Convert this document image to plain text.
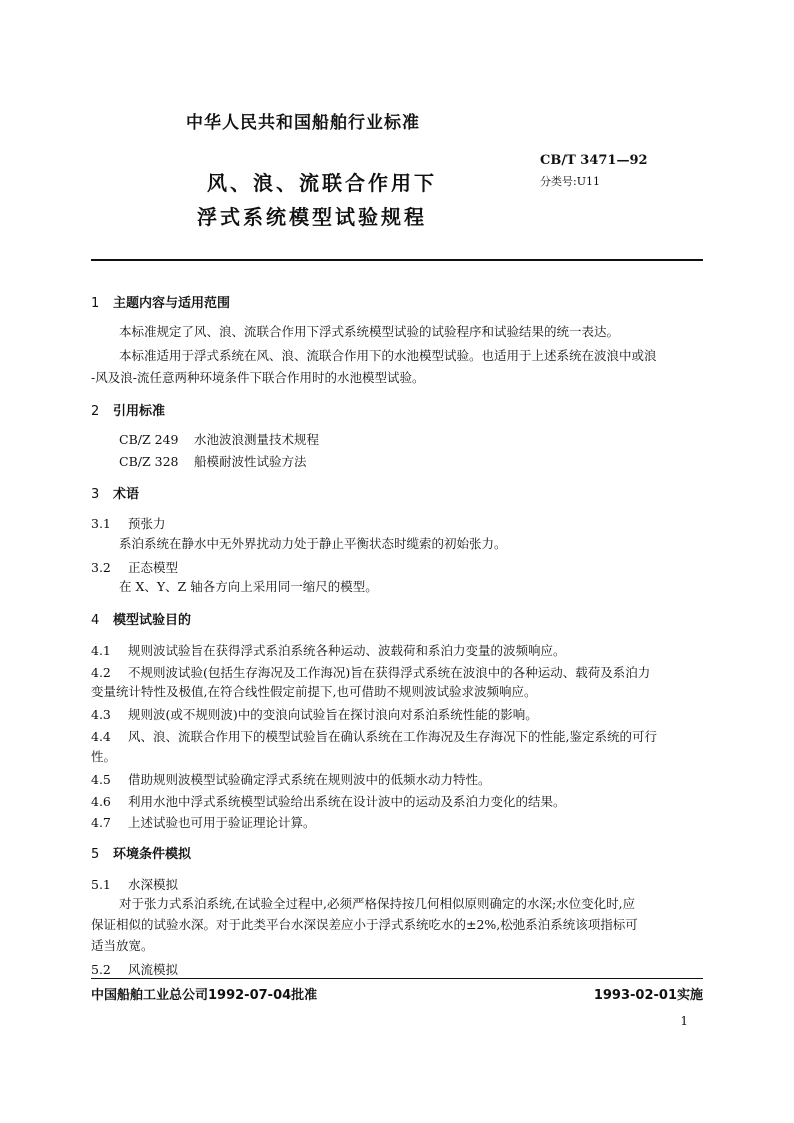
中华人民共和国船舶行业标准
风、浪、流联合作用下
浮式系统模型试验规程
CB/T 3471—92
分类号:U11
1 主题内容与适用范围
本标准规定了风、浪、流联合作用下浮式系统模型试验的试验程序和试验结果的统一表达。
本标准适用于浮式系统在风、浪、流联合作用下的水池模型试验。也适用于上述系统在波浪中或浪
-风及浪-流任意两种环境条件下联合作用时的水池模型试验。
2 引用标准
CB/Z 249 水池波浪测量技术规程
CB/Z 328 船模耐波性试验方法
3 术语
3.1 预张力
系泊系统在静水中无外界扰动力处于静止平衡状态时缆索的初始张力。
3.2 正态模型
在 X、Y、Z 轴各方向上采用同一缩尺的模型。
4 模型试验目的
4.1 规则波试验旨在获得浮式系泊系统各种运动、波载荷和系泊力变量的波频响应。
4.2 不规则波试验(包括生存海况及工作海况)旨在获得浮式系统在波浪中的各种运动、载荷及系泊力
变量统计特性及极值,在符合线性假定前提下,也可借助不规则波试验求波频响应。
4.3 规则波(或不规则波)中的变浪向试验旨在探讨浪向对系泊系统性能的影响。
4.4 风、浪、流联合作用下的模型试验旨在确认系统在工作海况及生存海况下的性能,鉴定系统的可行
性。
4.5 借助规则波模型试验确定浮式系统在规则波中的低频水动力特性。
4.6 利用水池中浮式系统模型试验给出系统在设计波中的运动及系泊力变化的结果。
4.7 上述试验也可用于验证理论计算。
5 环境条件模拟
5.1 水深模拟
对于张力式系泊系统,在试验全过程中,必须严格保持按几何相似原则确定的水深;水位变化时,应
保证相似的试验水深。对于此类平台水深误差应小于浮式系统吃水的±2%,松弛系泊系统该项指标可
适当放宽。
5.2 风流模拟
中国船舶工业总公司1992-07-04批准	1993-02-01实施
1
